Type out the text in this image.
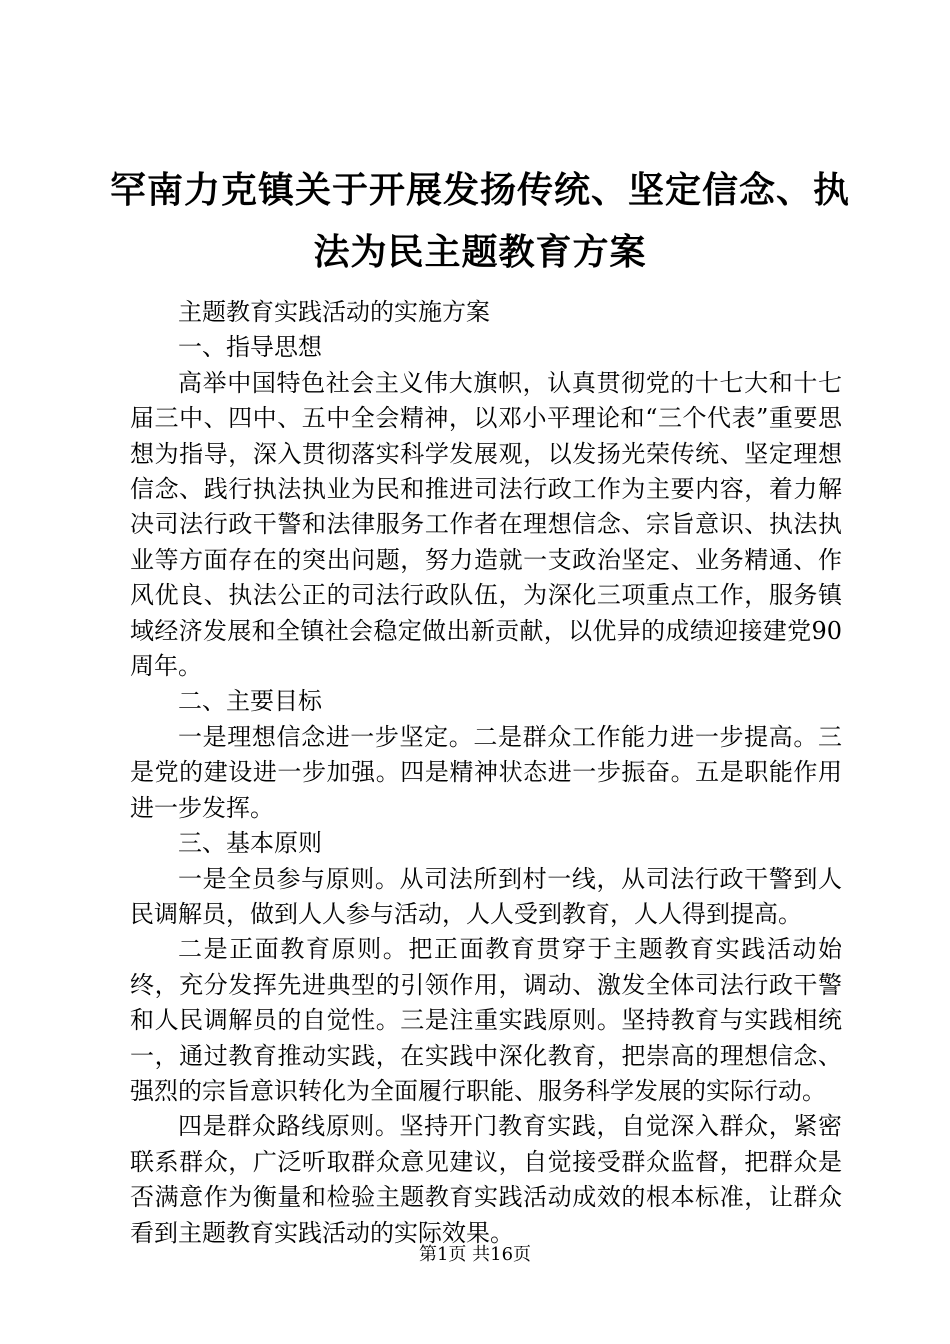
罕南力克镇关于开展发扬传统、坚定信念、执法为民主题教育方案

主题教育实践活动的实施方案

一、指导思想

高举中国特色社会主义伟大旗帜，认真贯彻党的十七大和十七届三中、四中、五中全会精神，以邓小平理论和“三个代表”重要思想为指导，深入贯彻落实科学发展观，以发扬光荣传统、坚定理想信念、践行执法执业为民和推进司法行政工作为主要内容，着力解决司法行政干警和法律服务工作者在理想信念、宗旨意识、执法执业等方面存在的突出问题，努力造就一支政治坚定、业务精通、作风优良、执法公正的司法行政队伍，为深化三项重点工作，服务镇域经济发展和全镇社会稳定做出新贡献，以优异的成绩迎接建党90周年。

二、主要目标

一是理想信念进一步坚定。二是群众工作能力进一步提高。三是党的建设进一步加强。四是精神状态进一步振奋。五是职能作用进一步发挥。

三、基本原则

一是全员参与原则。从司法所到村一线，从司法行政干警到人民调解员，做到人人参与活动，人人受到教育，人人得到提高。

二是正面教育原则。把正面教育贯穿于主题教育实践活动始终，充分发挥先进典型的引领作用，调动、激发全体司法行政干警和人民调解员的自觉性。三是注重实践原则。坚持教育与实践相统一，通过教育推动实践，在实践中深化教育，把崇高的理想信念、强烈的宗旨意识转化为全面履行职能、服务科学发展的实际行动。

四是群众路线原则。坚持开门教育实践，自觉深入群众，紧密联系群众，广泛听取群众意见建议，自觉接受群众监督，把群众是否满意作为衡量和检验主题教育实践活动成效的根本标准，让群众看到主题教育实践活动的实际效果。

第1页 共16页
